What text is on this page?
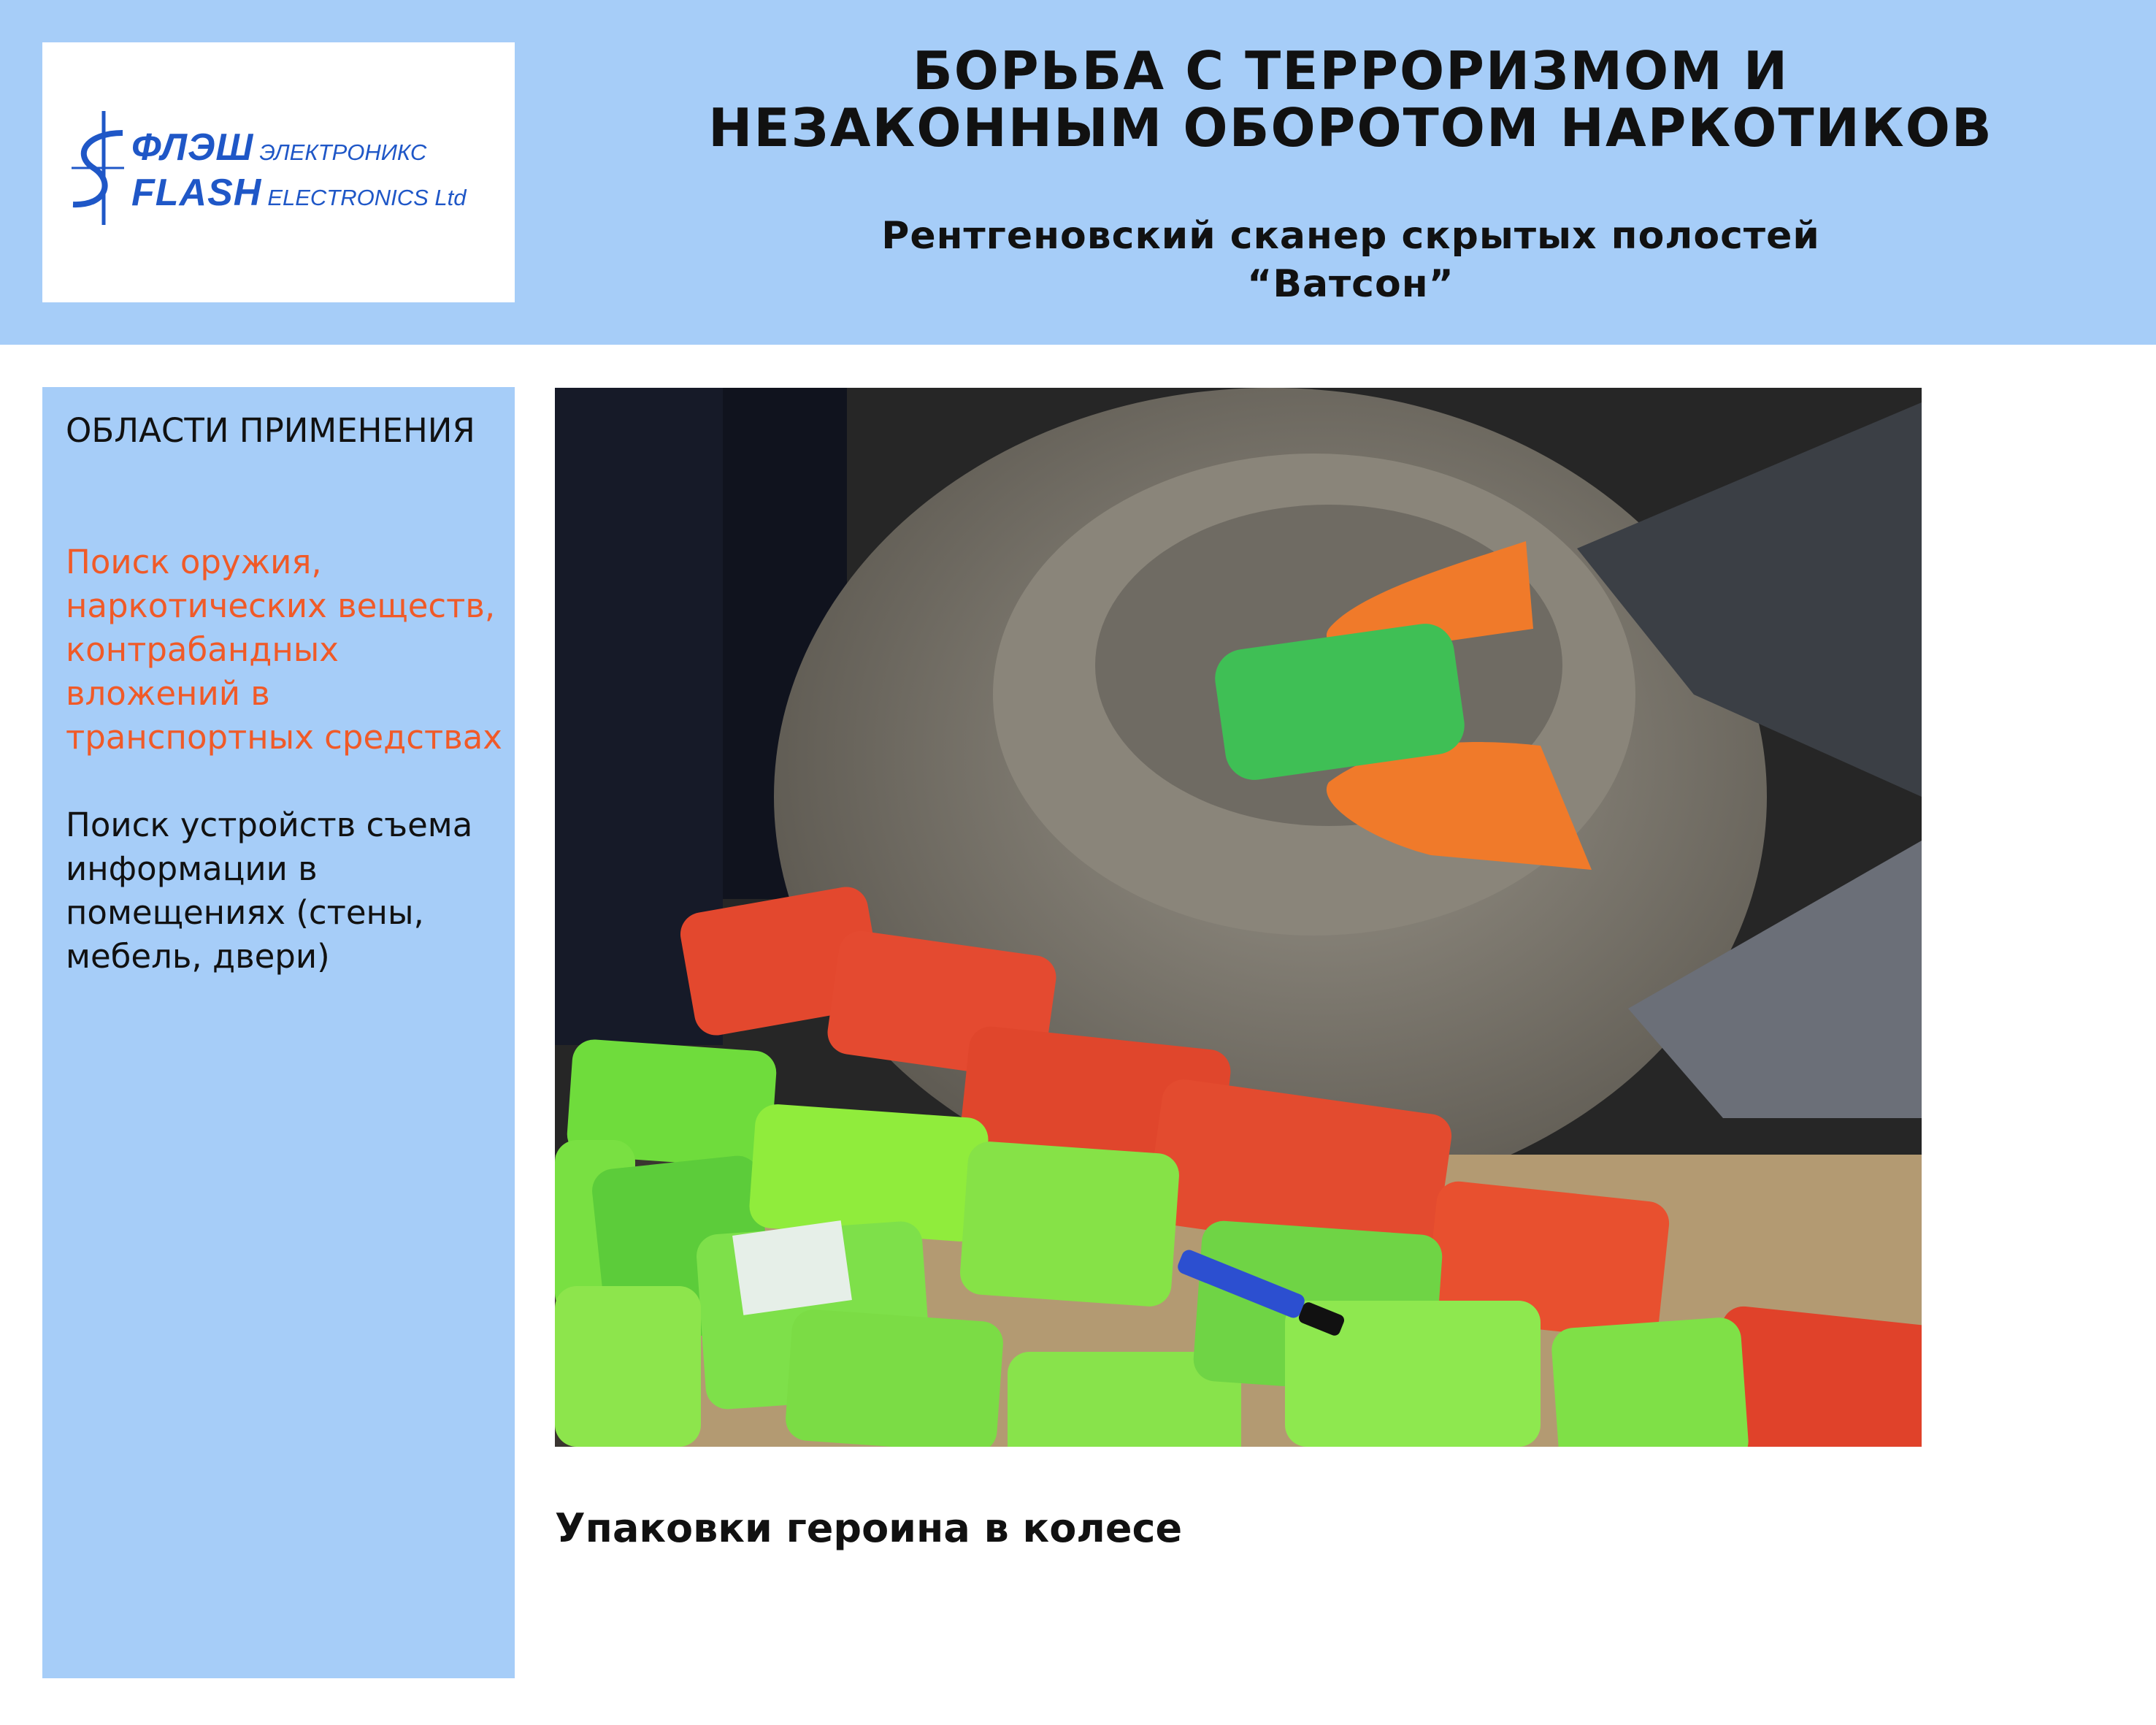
ФЛЭШ ЭЛЕКТРОНИКС
FLASH ELECTRONICS Ltd
БОРЬБА С ТЕРРОРИЗМОМ И
НЕЗАКОННЫМ ОБОРОТОМ НАРКОТИКОВ
Рентгеновский сканер скрытых полостей
“Ватсон”
ОБЛАСТИ ПРИМЕНЕНИЯ
Поиск оружия, наркотических веществ, контрабандных вложений в транспортных средствах
Поиск устройств съема информации в помещениях (стены, мебель, двери)
Упаковки героина в колесе
